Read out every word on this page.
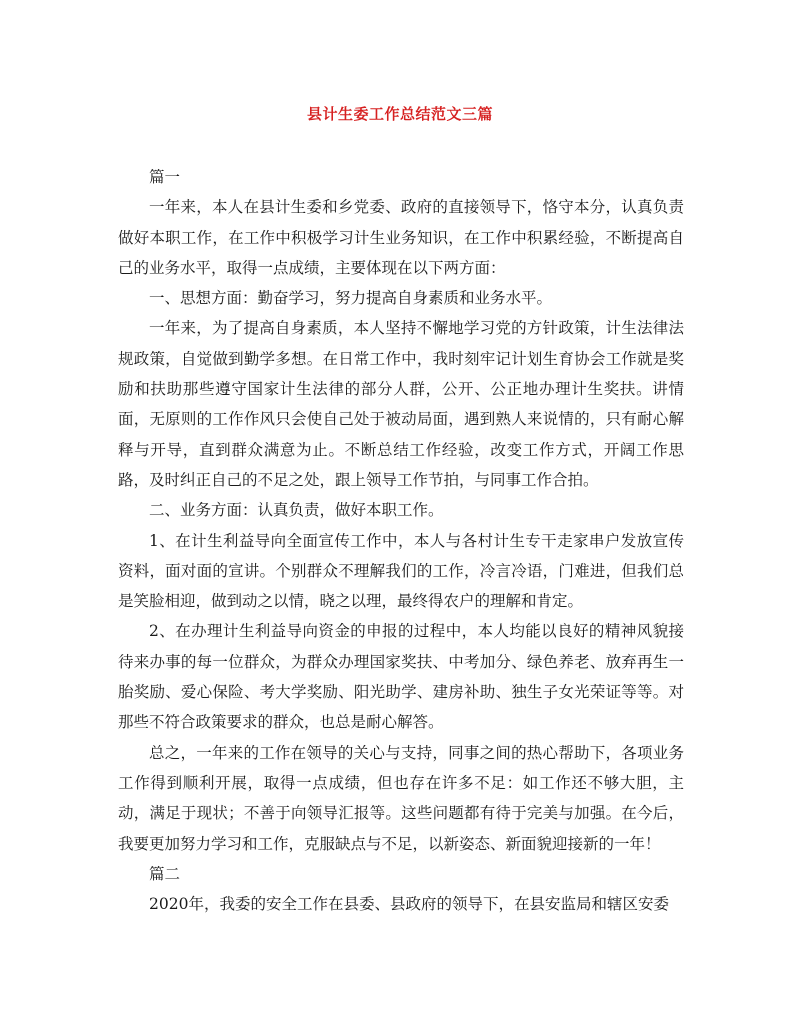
县计生委工作总结范文三篇

篇一

一年来，本人在县计生委和乡党委、政府的直接领导下，恪守本分，认真负责做好本职工作，在工作中积极学习计生业务知识，在工作中积累经验，不断提高自己的业务水平，取得一点成绩，主要体现在以下两方面：

一、思想方面：勤奋学习，努力提高自身素质和业务水平。

一年来，为了提高自身素质，本人坚持不懈地学习党的方针政策，计生法律法规政策，自觉做到勤学多想。在日常工作中，我时刻牢记计划生育协会工作就是奖励和扶助那些遵守国家计生法律的部分人群，公开、公正地办理计生奖扶。讲情面，无原则的工作作风只会使自己处于被动局面，遇到熟人来说情的，只有耐心解释与开导，直到群众满意为止。不断总结工作经验，改变工作方式，开阔工作思路，及时纠正自己的不足之处，跟上领导工作节拍，与同事工作合拍。

二、业务方面：认真负责，做好本职工作。

1、在计生利益导向全面宣传工作中，本人与各村计生专干走家串户发放宣传资料，面对面的宣讲。个别群众不理解我们的工作，冷言冷语，门难进，但我们总是笑脸相迎，做到动之以情，晓之以理，最终得农户的理解和肯定。

2、在办理计生利益导向资金的申报的过程中，本人均能以良好的精神风貌接待来办事的每一位群众，为群众办理国家奖扶、中考加分、绿色养老、放弃再生一胎奖励、爱心保险、考大学奖励、阳光助学、建房补助、独生子女光荣证等等。对那些不符合政策要求的群众，也总是耐心解答。

总之，一年来的工作在领导的关心与支持，同事之间的热心帮助下，各项业务工作得到顺利开展，取得一点成绩，但也存在许多不足：如工作还不够大胆，主动，满足于现状；不善于向领导汇报等。这些问题都有待于完美与加强。在今后，我要更加努力学习和工作，克服缺点与不足，以新姿态、新面貌迎接新的一年！

篇二

2020年，我委的安全工作在县委、县政府的领导下，在县安监局和辖区安委
